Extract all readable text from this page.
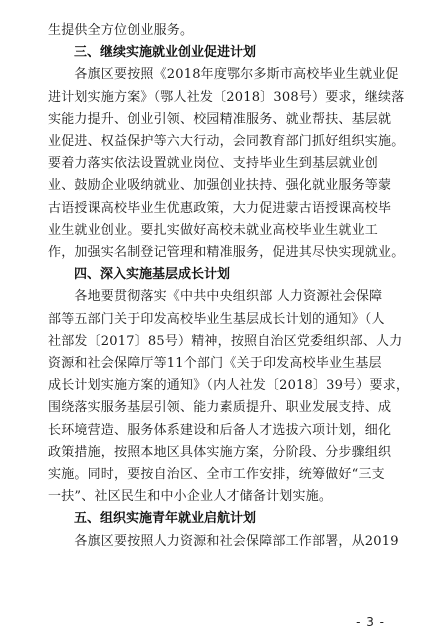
生提供全方位创业服务。

三、继续实施就业创业促进计划

　　各旗区要按照《2018年度鄂尔多斯市高校毕业生就业促
进计划实施方案》（鄂人社发〔2018〕308号）要求，继续落
实能力提升、创业引领、校园精准服务、就业帮扶、基层就
业促进、权益保护等六大行动，会同教育部门抓好组织实施。
要着力落实依法设置就业岗位、支持毕业生到基层就业创
业、鼓励企业吸纳就业、加强创业扶持、强化就业服务等蒙
古语授课高校毕业生优惠政策，大力促进蒙古语授课高校毕
业生就业创业。要扎实做好高校未就业高校毕业生就业工
作，加强实名制登记管理和精准服务，促进其尽快实现就业。

四、深入实施基层成长计划

　　各地要贯彻落实《中共中央组织部 人力资源社会保障
部等五部门关于印发高校毕业生基层成长计划的通知》（人
社部发〔2017〕85号）精神，按照自治区党委组织部、人力
资源和社会保障厅等11个部门《关于印发高校毕业生基层
成长计划实施方案的通知》（内人社发〔2018〕39号）要求，
围绕落实服务基层引领、能力素质提升、职业发展支持、成
长环境营造、服务体系建设和后备人才选拔六项计划，细化
政策措施，按照本地区具体实施方案，分阶段、分步骤组织
实施。同时，要按自治区、全市工作安排，统筹做好“三支
一扶”、社区民生和中小企业人才储备计划实施。

五、组织实施青年就业启航计划

　　各旗区要按照人力资源和社会保障部工作部署，从2019

- 3 -
